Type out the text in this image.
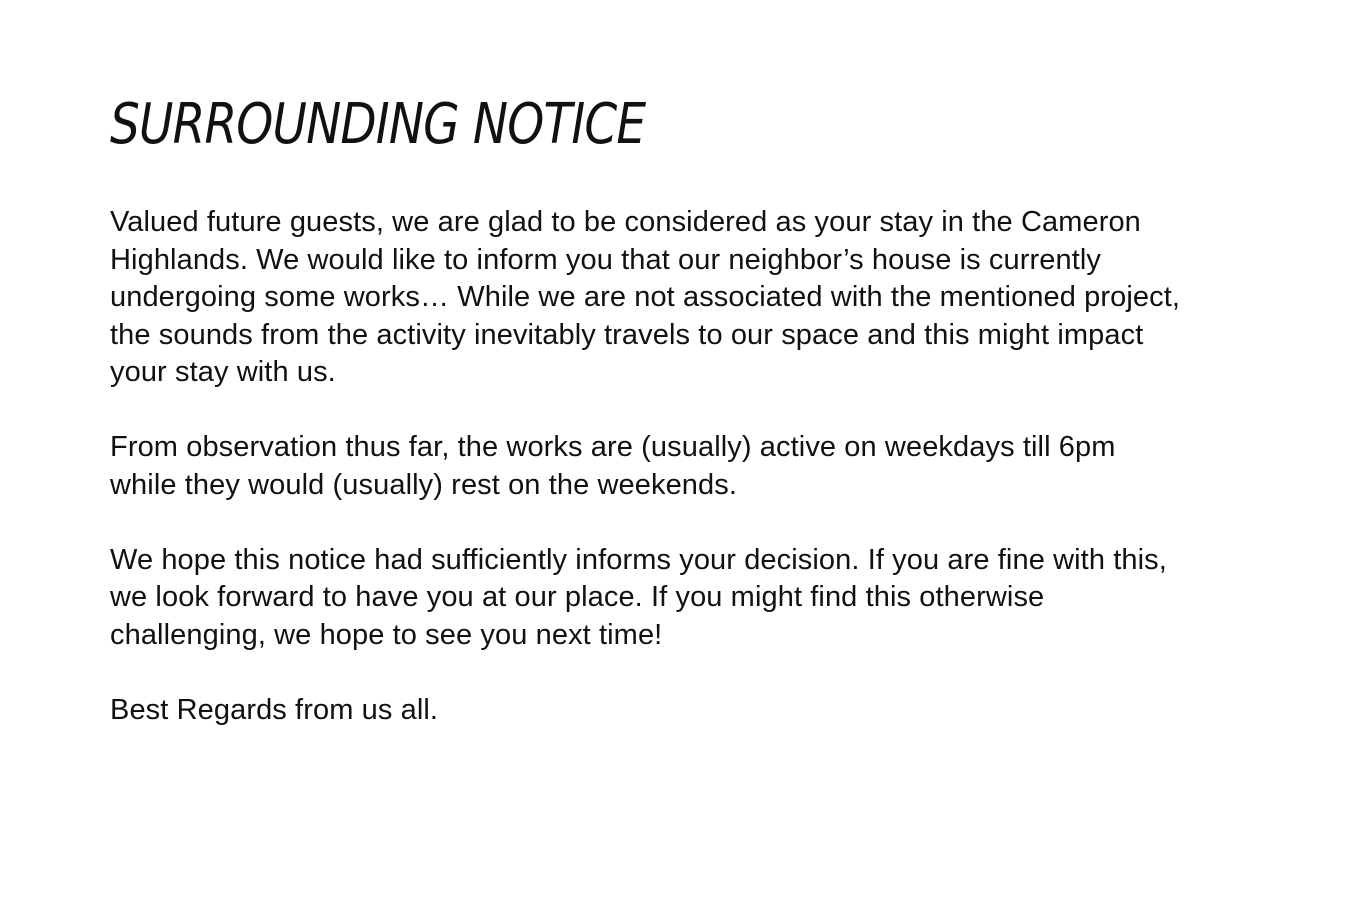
SURROUNDING NOTICE

Valued future guests, we are glad to be considered as your stay in the Cameron Highlands. We would like to inform you that our neighbor’s house is currently undergoing some works… While we are not associated with the mentioned project, the sounds from the activity inevitably travels to our space and this might impact your stay with us.

From observation thus far, the works are (usually) active on weekdays till 6pm while they would (usually) rest on the weekends.

We hope this notice had sufficiently informs your decision. If you are fine with this, we look forward to have you at our place. If you might find this otherwise challenging, we hope to see you next time!

Best Regards from us all.
